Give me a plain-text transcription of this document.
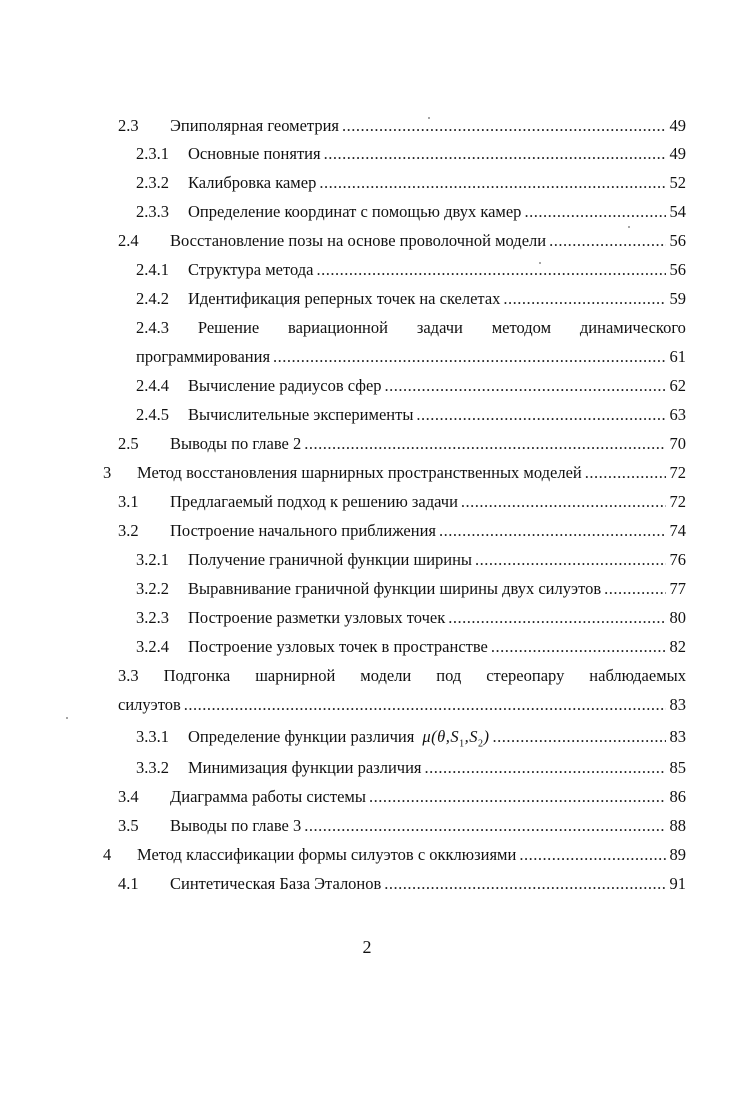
2.3	Эпиполярная геометрия .....	49
2.3.1	Основные понятия .....	49
2.3.2	Калибровка камер .....	52
2.3.3	Определение координат с помощью двух камер .....	54
2.4	Восстановление позы на основе проволочной модели .....	56
2.4.1	Структура метода .....	56
2.4.2	Идентификация реперных точек на скелетах .....	59
2.4.3 Решение вариационной задачи методом динамического
программирования .....	61
2.4.4	Вычисление радиусов сфер .....	62
2.4.5	Вычислительные эксперименты .....	63
2.5	Выводы по главе 2 .....	70
3	Метод восстановления шарнирных пространственных моделей .....	72
3.1	Предлагаемый подход к решению задачи .....	72
3.2	Построение начального приближения .....	74
3.2.1	Получение граничной функции ширины .....	76
3.2.2	Выравнивание граничной функции ширины двух силуэтов .....	77
3.2.3	Построение разметки узловых точек .....	80
3.2.4	Построение узловых точек в пространстве .....	82
3.3 Подгонка шарнирной модели под стереопару наблюдаемых
силуэтов .....	83
3.3.1	Определение функции различия $\mu(\theta,S_1,S_2)$ .....	83
3.3.2	Минимизация функции различия .....	85
3.4	Диаграмма работы системы .....	86
3.5	Выводы по главе 3 .....	88
4	Метод классификации формы силуэтов с окклюзиями .....	89
4.1	Синтетическая База Эталонов .....	91
2
